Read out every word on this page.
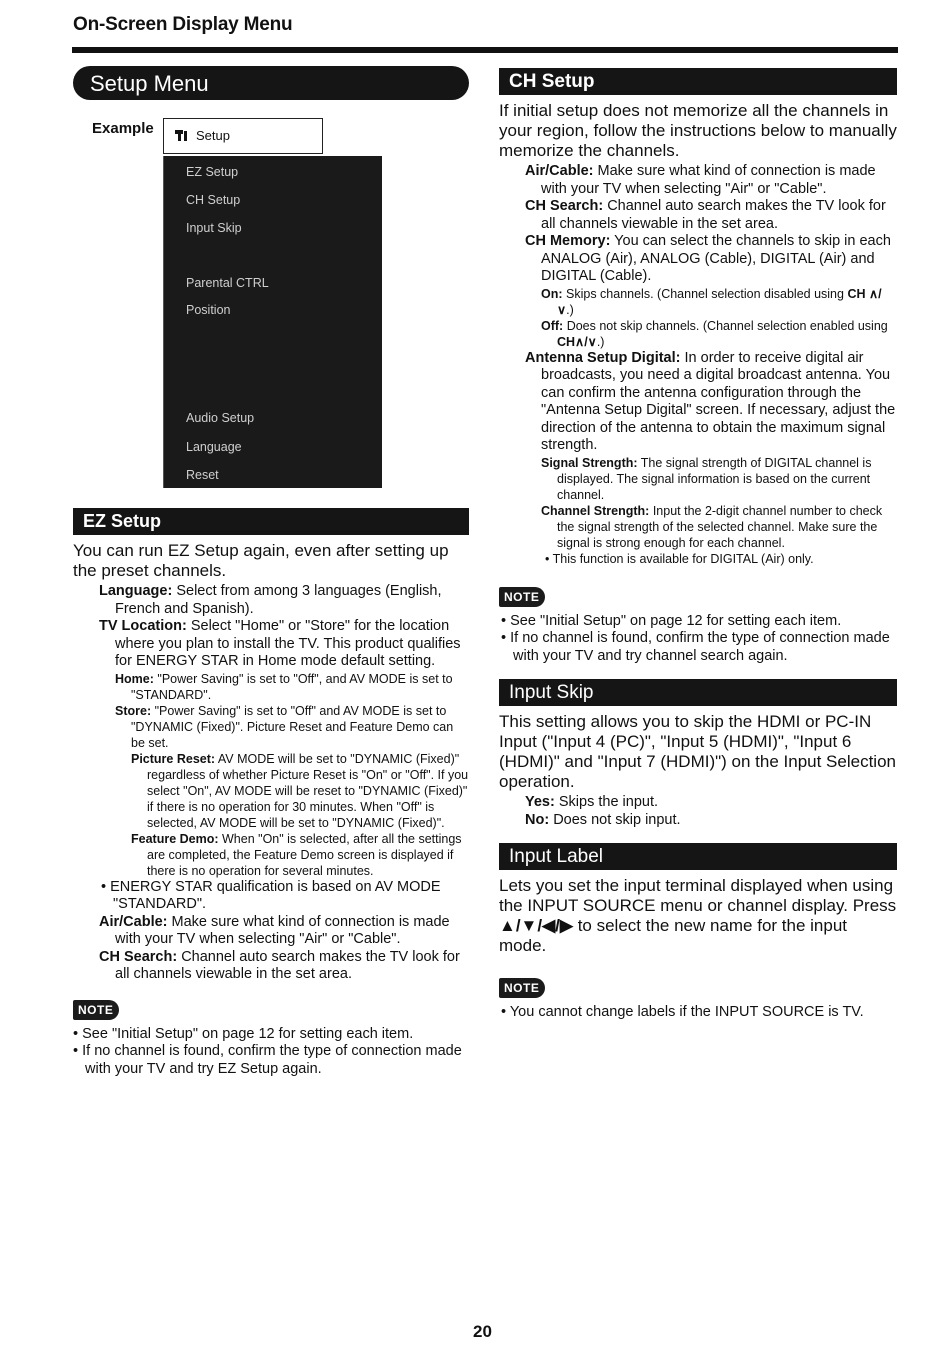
On-Screen Display Menu
Setup Menu
Example	Setup
EZ Setup
CH Setup
Input Skip
Parental CTRL
Position
Audio Setup
Language
Reset
EZ Setup

You can run EZ Setup again, even after setting up the preset channels.

Language: Select from among 3 languages (English, French and Spanish).

TV Location: Select "Home" or "Store" for the location where you plan to install the TV. This product qualifies for ENERGY STAR in Home mode default setting.

Home: "Power Saving" is set to "Off", and AV MODE is set to "STANDARD".

Store: "Power Saving" is set to "Off" and AV MODE is set to "DYNAMIC (Fixed)". Picture Reset and Feature Demo can be set.

Picture Reset: AV MODE will be set to "DYNAMIC (Fixed)" regardless of whether Picture Reset is "On" or "Off". If you select "On", AV MODE will be reset to "DYNAMIC (Fixed)" if there is no operation for 30 minutes. When "Off" is selected, AV MODE will be set to "DYNAMIC (Fixed)".

Feature Demo: When "On" is selected, after all the settings are completed, the Feature Demo screen is displayed if there is no operation for several minutes.

• ENERGY STAR qualification is based on AV MODE "STANDARD".

Air/Cable: Make sure what kind of connection is made with your TV when selecting "Air" or "Cable".

CH Search: Channel auto search makes the TV look for all channels viewable in the set area.

NOTE

• See "Initial Setup" on page 12 for setting each item.

• If no channel is found, confirm the type of connection made with your TV and try EZ Setup again.

CH Setup

If initial setup does not memorize all the channels in your region, follow the instructions below to manually memorize the channels.

Air/Cable: Make sure what kind of connection is made with your TV when selecting "Air" or "Cable".

CH Search: Channel auto search makes the TV look for all channels viewable in the set area.

CH Memory: You can select the channels to skip in each ANALOG (Air), ANALOG (Cable), DIGITAL (Air) and DIGITAL (Cable).

On: Skips channels. (Channel selection disabled using CH ∧/∨.)

Off: Does not skip channels. (Channel selection enabled using CH∧/∨.)

Antenna Setup Digital: In order to receive digital air broadcasts, you need a digital broadcast antenna. You can confirm the antenna configuration through the "Antenna Setup Digital" screen. If necessary, adjust the direction of the antenna to obtain the maximum signal strength.

Signal Strength: The signal strength of DIGITAL channel is displayed. The signal information is based on the current channel.

Channel Strength: Input the 2-digit channel number to check the signal strength of the selected channel. Make sure the signal is strong enough for each channel.

• This function is available for DIGITAL (Air) only.

NOTE

• See "Initial Setup" on page 12 for setting each item.

• If no channel is found, confirm the type of connection made with your TV and try channel search again.

Input Skip

This setting allows you to skip the HDMI or PC-IN Input ("Input 4 (PC)", "Input 5 (HDMI)", "Input 6 (HDMI)" and "Input 7 (HDMI)") on the Input Selection operation.

Yes: Skips the input.

No: Does not skip input.

Input Label

Lets you set the input terminal displayed when using the INPUT SOURCE menu or channel display. Press ▲/▼/◀/▶ to select the new name for the input mode.

NOTE

• You cannot change labels if the INPUT SOURCE is TV.

20
